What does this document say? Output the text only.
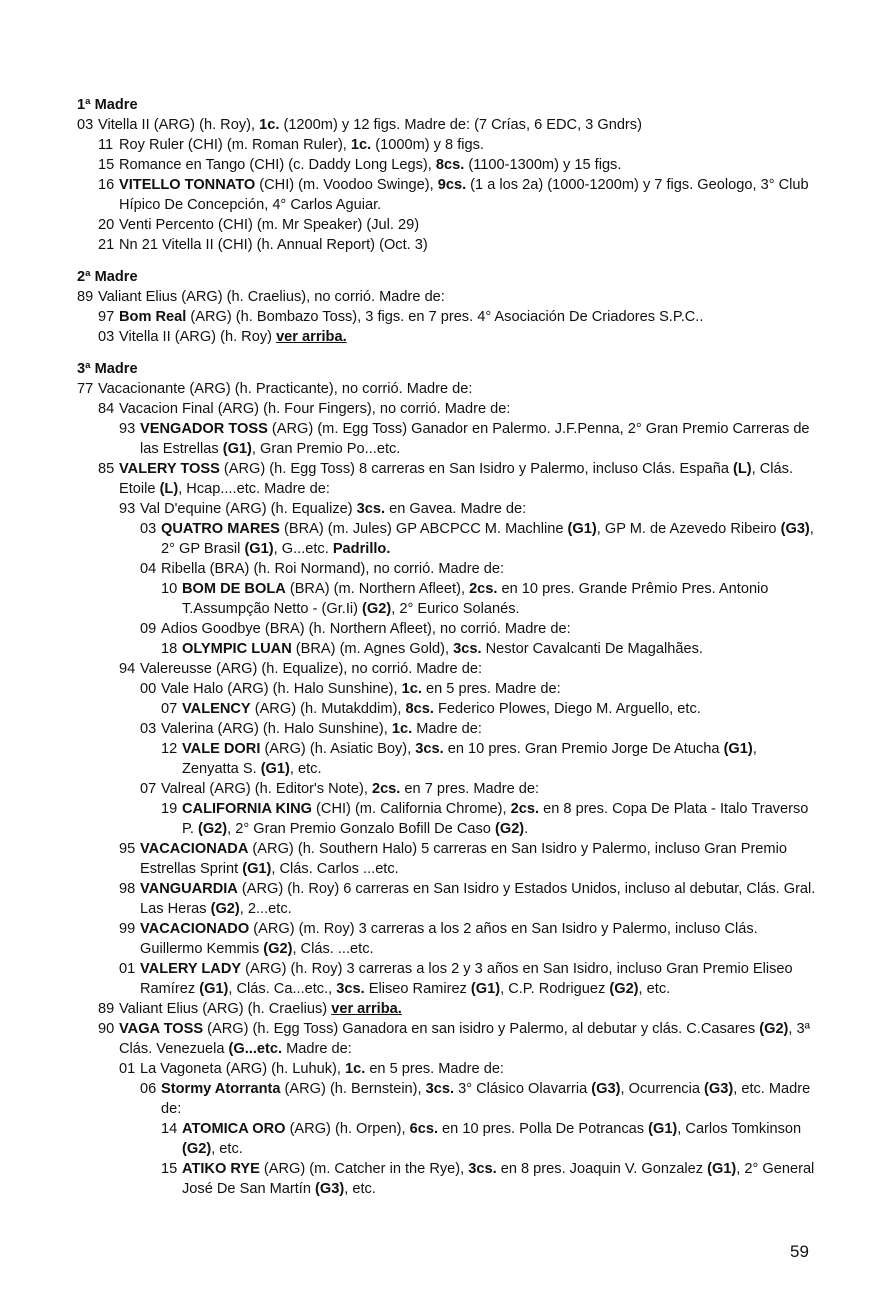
1ª Madre
03 Vitella II (ARG) (h. Roy), 1c. (1200m) y 12 figs. Madre de: (7 Crías, 6 EDC, 3 Gndrs)
11 Roy Ruler (CHI) (m. Roman Ruler), 1c. (1000m) y 8 figs.
15 Romance en Tango (CHI) (c. Daddy Long Legs), 8cs. (1100-1300m) y 15 figs.
16 VITELLO TONNATO (CHI) (m. Voodoo Swinge), 9cs. (1 a los 2a) (1000-1200m) y 7 figs. Geologo, 3° Club Hípico De Concepción, 4° Carlos Aguiar.
20 Venti Percento (CHI) (m. Mr Speaker) (Jul. 29)
21 Nn 21 Vitella II (CHI) (h. Annual Report) (Oct. 3)
2ª Madre
89 Valiant Elius (ARG) (h. Craelius), no corrió. Madre de:
97 Bom Real (ARG) (h. Bombazo Toss), 3 figs. en 7 pres. 4° Asociación De Criadores S.P.C..
03 Vitella II (ARG) (h. Roy) ver arriba.
3ª Madre
77 Vacacionante (ARG) (h. Practicante), no corrió. Madre de:
84 Vacacion Final (ARG) (h. Four Fingers), no corrió. Madre de:
93 VENGADOR TOSS (ARG) (m. Egg Toss) Ganador en Palermo. J.F.Penna, 2° Gran Premio Carreras de las Estrellas (G1), Gran Premio Po...etc.
85 VALERY TOSS (ARG) (h. Egg Toss) 8 carreras en San Isidro y Palermo, incluso Clás. España (L), Clás. Etoile (L), Hcap....etc. Madre de:
93 Val D'equine (ARG) (h. Equalize) 3cs. en Gavea. Madre de:
03 QUATRO MARES (BRA) (m. Jules) GP ABCPCC M. Machline (G1), GP M. de Azevedo Ribeiro (G3), 2° GP Brasil (G1), G...etc. Padrillo.
04 Ribella (BRA) (h. Roi Normand), no corrió. Madre de:
10 BOM DE BOLA (BRA) (m. Northern Afleet), 2cs. en 10 pres. Grande Prêmio Pres. Antonio T.Assumpção Netto - (Gr.Ii) (G2), 2° Eurico Solanés.
09 Adios Goodbye (BRA) (h. Northern Afleet), no corrió. Madre de:
18 OLYMPIC LUAN (BRA) (m. Agnes Gold), 3cs. Nestor Cavalcanti De Magalhães.
94 Valereusse (ARG) (h. Equalize), no corrió. Madre de:
00 Vale Halo (ARG) (h. Halo Sunshine), 1c. en 5 pres. Madre de:
07 VALENCY (ARG) (h. Mutakddim), 8cs. Federico Plowes, Diego M. Arguello, etc.
03 Valerina (ARG) (h. Halo Sunshine), 1c. Madre de:
12 VALE DORI (ARG) (h. Asiatic Boy), 3cs. en 10 pres. Gran Premio Jorge De Atucha (G1), Zenyatta S. (G1), etc.
07 Valreal (ARG) (h. Editor's Note), 2cs. en 7 pres. Madre de:
19 CALIFORNIA KING (CHI) (m. California Chrome), 2cs. en 8 pres. Copa De Plata - Italo Traverso P. (G2), 2° Gran Premio Gonzalo Bofill De Caso (G2).
95 VACACIONADA (ARG) (h. Southern Halo) 5 carreras en San Isidro y Palermo, incluso Gran Premio Estrellas Sprint (G1), Clás. Carlos ...etc.
98 VANGUARDIA (ARG) (h. Roy) 6 carreras en San Isidro y Estados Unidos, incluso al debutar, Clás. Gral. Las Heras (G2), 2...etc.
99 VACACIONADO (ARG) (m. Roy) 3 carreras a los 2 años en San Isidro y Palermo, incluso Clás. Guillermo Kemmis (G2), Clás. ...etc.
01 VALERY LADY (ARG) (h. Roy) 3 carreras a los 2 y 3 años en San Isidro, incluso Gran Premio Eliseo Ramírez (G1), Clás. Ca...etc., 3cs. Eliseo Ramirez (G1), C.P. Rodriguez (G2), etc.
89 Valiant Elius (ARG) (h. Craelius) ver arriba.
90 VAGA TOSS (ARG) (h. Egg Toss) Ganadora en san isidro y Palermo, al debutar y clás. C.Casares (G2), 3ª Clás. Venezuela (G...etc. Madre de:
01 La Vagoneta (ARG) (h. Luhuk), 1c. en 5 pres. Madre de:
06 Stormy Atorranta (ARG) (h. Bernstein), 3cs. 3° Clásico Olavarria (G3), Ocurrencia (G3), etc. Madre de:
14 ATOMICA ORO (ARG) (h. Orpen), 6cs. en 10 pres. Polla De Potrancas (G1), Carlos Tomkinson (G2), etc.
15 ATIKO RYE (ARG) (m. Catcher in the Rye), 3cs. en 8 pres. Joaquin V. Gonzalez (G1), 2° General José De San Martín (G3), etc.
59
